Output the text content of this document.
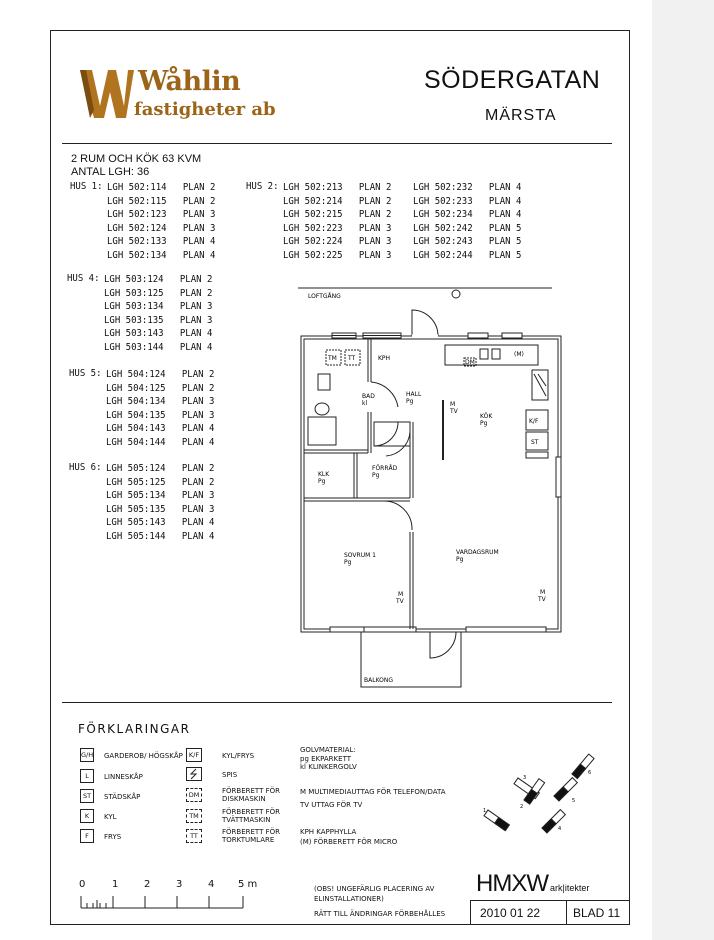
Wåhlin
fastigheter ab
SÖDERGATAN
MÄRSTA
2 RUM OCH KÖK 63 KVM
ANTAL LGH: 36
HUS 1: LGH 502:114   PLAN 2
LGH 502:115   PLAN 2
LGH 502:123   PLAN 3
LGH 502:124   PLAN 3
LGH 502:133   PLAN 4
LGH 502:134   PLAN 4
HUS 2: LGH 502:213   PLAN 2    LGH 502:232   PLAN 4
LGH 502:214   PLAN 2    LGH 502:233   PLAN 4
LGH 502:215   PLAN 2    LGH 502:234   PLAN 4
LGH 502:223   PLAN 3    LGH 502:242   PLAN 5
LGH 502:224   PLAN 3    LGH 502:243   PLAN 5
LGH 502:225   PLAN 3    LGH 502:244   PLAN 5
HUS 4: LGH 503:124   PLAN 2
LGH 503:125   PLAN 2
LGH 503:134   PLAN 3
LGH 503:135   PLAN 3
LGH 503:143   PLAN 4
LGH 503:144   PLAN 4
HUS 5: LGH 504:124   PLAN 2
LGH 504:125   PLAN 2
LGH 504:134   PLAN 3
LGH 504:135   PLAN 3
LGH 504:143   PLAN 4
LGH 504:144   PLAN 4
HUS 6: LGH 505:124   PLAN 2
LGH 505:125   PLAN 2
LGH 505:134   PLAN 3
LGH 505:135   PLAN 3
LGH 505:143   PLAN 4
LGH 505:144   PLAN 4
LOFTGÅNG
BAD
kl
HALL
Pg
KÖK
Pg
FÖRRÅD
Pg
KLK
Pg
SOVRUM 1
Pg
VARDAGSRUM
Pg
TM TT	KPH
DM
(M)
K/F
ST
M
TV
M
TV
M
TV
BALKONG
FÖRKLARINGAR
G/H GARDEROB/ HÖGSKÅP
L	LINNESKÅP
ST	STÄDSKÅP
K	KYL
F	FRYS
K/F	KYL/FRYS
SPIS
DM	FÖRBERETT FÖR DISKMASKIN
TM	FÖRBERETT FÖR TVÄTTMASKIN
TT	FÖRBERETT FÖR TORKTUMLARE
GOLVMATERIAL:
pg EKPARKETT
kl KLINKERGOLV
M MULTIMEDIAUTTAG FÖR TELEFON/DATA
TV UTTAG FÖR TV
KPH KAPPHYLLA
(M) FÖRBERETT FÖR MICRO
1
2
3
4
5
6
0	1	2	3	4 5 m	(OBS! UNGEFÄRLIG PLACERING AV
ELINSTALLATIONER)
RÄTT TILL ÄNDRINGAR FÖRBEHÅLLES
HMXW ark|itekter
2010 01 22	BLAD 11
